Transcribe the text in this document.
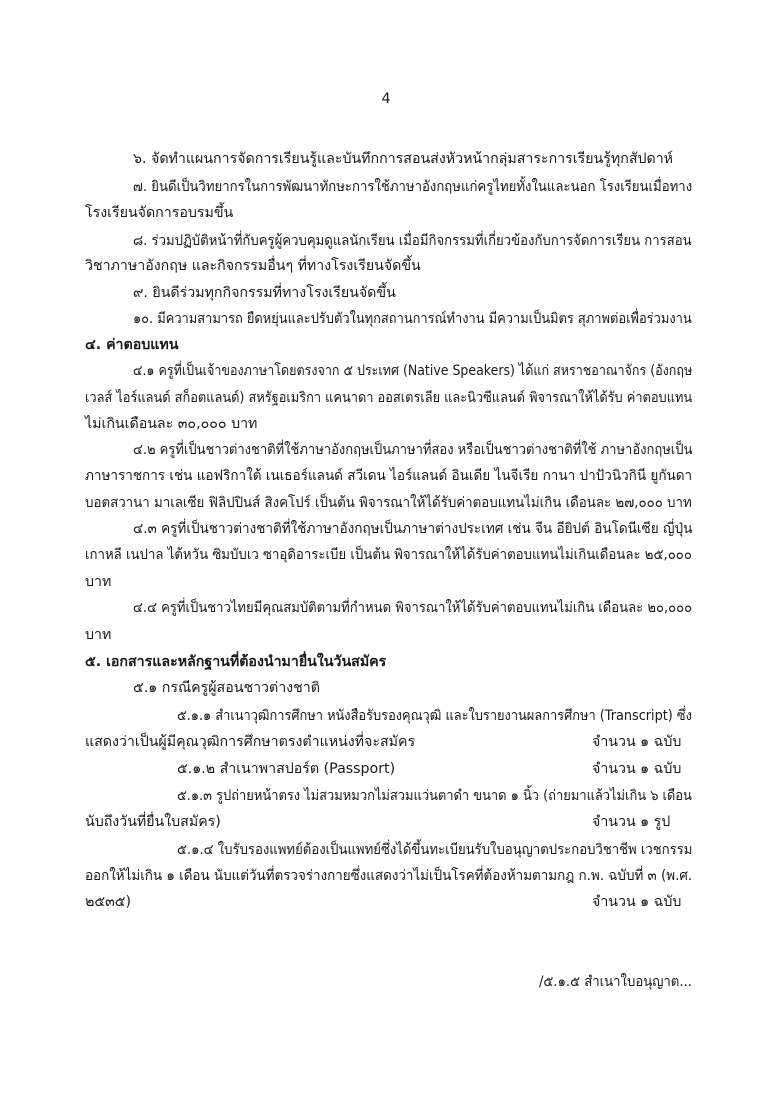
4
๖. จัดทำแผนการจัดการเรียนรู้และบันทึกการสอนส่งหัวหน้ากลุ่มสาระการเรียนรู้ทุกสัปดาห์
๗. ยินดีเป็นวิทยากรในการพัฒนาทักษะการใช้ภาษาอังกฤษแก่ครูไทยทั้งในและนอก โรงเรียนเมื่อทาง
โรงเรียนจัดการอบรมขึ้น
๘. ร่วมปฏิบัติหน้าที่กับครูผู้ควบคุมดูแลนักเรียน เมื่อมีกิจกรรมที่เกี่ยวข้องกับการจัดการเรียน การสอน
วิชาภาษาอังกฤษ และกิจกรรมอื่นๆ ที่ทางโรงเรียนจัดขึ้น
๙. ยินดีร่วมทุกกิจกรรมที่ทางโรงเรียนจัดขึ้น
๑๐. มีความสามารถ ยืดหยุ่นและปรับตัวในทุกสถานการณ์ทำงาน มีความเป็นมิตร สุภาพต่อเพื่อร่วมงาน
๔. ค่าตอบแทน
๔.๑ ครูที่เป็นเจ้าของภาษาโดยตรงจาก ๕ ประเทศ (Native Speakers) ได้แก่ สหราชอาณาจักร (อังกฤษ
เวลส์ ไอร์แลนด์ สก็อตแลนด์) สหรัฐอเมริกา แคนาดา ออสเตรเลีย และนิวซีแลนด์ พิจารณาให้ได้รับ ค่าตอบแทน
ไม่เกินเดือนละ ๓๐,๐๐๐ บาท
๔.๒ ครูที่เป็นชาวต่างชาติที่ใช้ภาษาอังกฤษเป็นภาษาที่สอง หรือเป็นชาวต่างชาติที่ใช้ ภาษาอังกฤษเป็น
ภาษาราชการ เช่น แอฟริกาใต้ เนเธอร์แลนด์ สวีเดน ไอร์แลนด์ อินเดีย ไนจีเรีย กานา ปาปัวนิวกินี ยูกันดา
บอตสวานา มาเลเซีย ฟิลิปปินส์ สิงคโปร์ เป็นต้น พิจารณาให้ได้รับค่าตอบแทนไม่เกิน เดือนละ ๒๗,๐๐๐ บาท
๔.๓ ครูที่เป็นชาวต่างชาติที่ใช้ภาษาอังกฤษเป็นภาษาต่างประเทศ เช่น จีน อียิปต์ อินโดนีเซีย ญี่ปุ่น
เกาหลี เนปาล ไต้หวัน ซิมบับเว ซาอุดิอาระเบีย เป็นต้น พิจารณาให้ได้รับค่าตอบแทนไม่เกินเดือนละ ๒๕,๐๐๐
บาท
๔.๔ ครูที่เป็นชาวไทยมีคุณสมบัติตามที่กำหนด พิจารณาให้ได้รับค่าตอบแทนไม่เกิน เดือนละ ๒๐,๐๐๐
บาท
๕. เอกสารและหลักฐานที่ต้องนำมายื่นในวันสมัคร
๕.๑ กรณีครูผู้สอนชาวต่างชาติ
๕.๑.๑ สำเนาวุฒิการศึกษา หนังสือรับรองคุณวุฒิ และใบรายงานผลการศึกษา (Transcript) ซึ่ง
แสดงว่าเป็นผู้มีคุณวุฒิการศึกษาตรงตำแหน่งที่จะสมัคร	จำนวน ๑ ฉบับ
๕.๑.๒ สำเนาพาสปอร์ต (Passport)	จำนวน ๑ ฉบับ
๕.๑.๓ รูปถ่ายหน้าตรง ไม่สวมหมวกไม่สวมแว่นตาดำ ขนาด ๑ นิ้ว (ถ่ายมาแล้วไม่เกิน ๖ เดือน
นับถึงวันที่ยื่นใบสมัคร)	จำนวน ๑ รูป
๕.๑.๔ ใบรับรองแพทย์ต้องเป็นแพทย์ซึ่งได้ขึ้นทะเบียนรับใบอนุญาตประกอบวิชาชีพ เวชกรรม
ออกให้ไม่เกิน ๑ เดือน นับแต่วันที่ตรวจร่างกายซึ่งแสดงว่าไม่เป็นโรคที่ต้องห้ามตามกฎ ก.พ. ฉบับที่ ๓ (พ.ศ.
๒๕๓๕)	จำนวน ๑ ฉบับ
/๕.๑.๕ สำเนาใบอนุญาต...
